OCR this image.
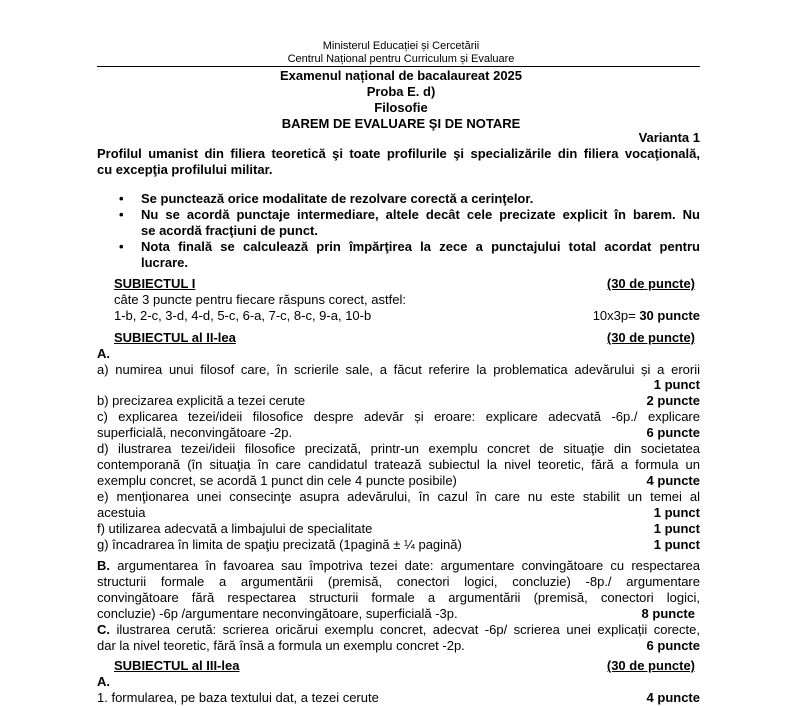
Ministerul Educației și Cercetării
Centrul Național pentru Curriculum și Evaluare
Examenul național de bacalaureat 2025
Proba E. d)
Filosofie
BAREM DE EVALUARE ŞI DE NOTARE
Varianta 1
Profilul umanist din filiera teoretică şi toate profilurile şi specializările din filiera vocaţională,
cu excepţia profilului militar.
• Se punctează orice modalitate de rezolvare corectă a cerinţelor.
• Nu se acordă punctaje intermediare, altele decât cele precizate explicit în barem. Nu
se acordă fracţiuni de punct.
• Nota finală se calculează prin împărţirea la zece a punctajului total acordat pentru
lucrare.
SUBIECTUL I	(30 de puncte)
câte 3 puncte pentru fiecare răspuns corect, astfel:
1-b, 2-c, 3-d, 4-d, 5-c, 6-a, 7-c, 8-c, 9-a, 10-b	10x3p= 30 puncte
SUBIECTUL al II-lea	(30 de puncte)
A.
a) numirea unui filosof care, în scrierile sale, a făcut referire la problematica adevărului și a erorii
1 punct
b) precizarea explicită a tezei cerute	2 puncte
c) explicarea tezei/ideii filosofice despre adevăr și eroare: explicare adecvată -6p./ explicare
superficială, neconvingătoare -2p.	6 puncte
d) ilustrarea tezei/ideii filosofice precizată, printr-un exemplu concret de situaţie din societatea
contemporană (în situaţia în care candidatul tratează subiectul la nivel teoretic, fără a formula un
exemplu concret, se acordă 1 punct din cele 4 puncte posibile)	4 puncte
e) menţionarea unei consecinţe asupra adevărului, în cazul în care nu este stabilit un temei al
acestuia	1 punct
f) utilizarea adecvată a limbajului de specialitate	1 punct
g) încadrarea în limita de spaţiu precizată (1pagină ± ¼ pagină)	1 punct
B. argumentarea în favoarea sau împotriva tezei date: argumentare convingătoare cu respectarea
structurii formale a argumentării (premisă, conectori logici, concluzie) -8p./ argumentare
convingătoare fără respectarea structurii formale a argumentării (premisă, conectori logici,
concluzie) -6p /argumentare neconvingătoare, superficială -3p.	8 puncte
C. ilustrarea cerută: scrierea oricărui exemplu concret, adecvat -6p/ scrierea unei explicații corecte,
dar la nivel teoretic, fără însă a formula un exemplu concret -2p.	6 puncte
SUBIECTUL al III-lea	(30 de puncte)
A.
1. formularea, pe baza textului dat, a tezei cerute	4 puncte
